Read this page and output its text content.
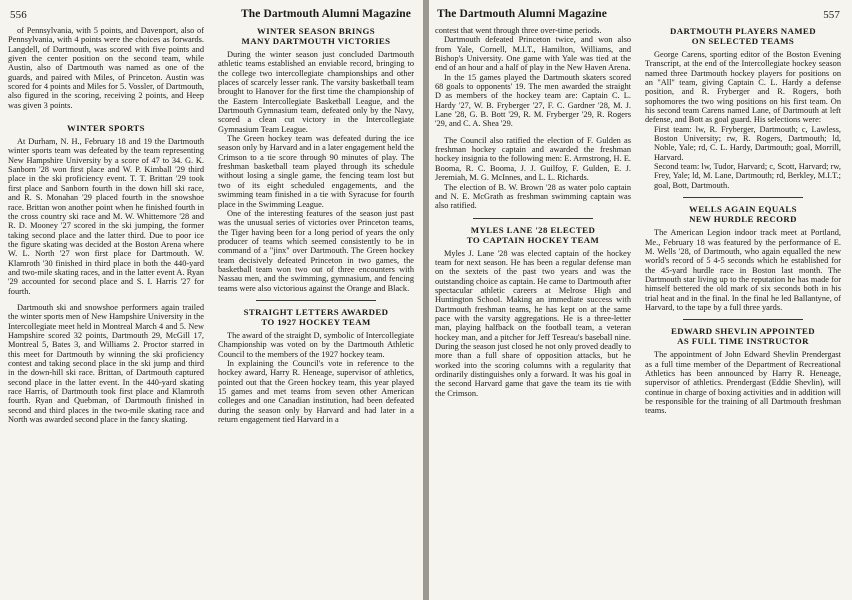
556	The Dartmouth Alumni Magazine

of Pennsylvania, with 5 points, and Davenport, also of Pennsylvania, with 4 points were the choices as forwards. Langdell, of Dartmouth, was scored with five points and given the center position on the second team, while Austin, also of Dartmouth was named as one of the guards, and paired with Miles, of Princeton. Austin was scored for 4 points and Miles for 5. Vossler, of Dartmouth, also figured in the scoring, receiving 2 points, and Heep was given 3 points.

WINTER SPORTS

At Durham, N. H., February 18 and 19 the Dartmouth winter sports team was defeated by the team representing New Hampshire University by a score of 47 to 34. G. K. Sanborn '28 won first place and W. P. Kimball '29 third place in the ski proficiency event. T. T. Brittan '29 took first place and Sanborn fourth in the down hill ski race, and R. S. Monahan '29 placed fourth in the snowshoe race. Brittan won another point when he finished fourth in the cross country ski race and M. W. Whittemore '28 and R. D. Mooney '27 scored in the ski jumping, the former taking second place and the latter third. Due to poor ice the figure skating was decided at the Boston Arena where W. L. North '27 won first place for Dartmouth. W. Klamroth '30 finished in third place in both the 440-yard and two-mile skating races, and in the latter event A. Ryan '29 accounted for second place and S. I. Harris '27 for fourth.

Dartmouth ski and snowshoe performers again trailed the winter sports men of New Hampshire University in the Intercollegiate meet held in Montreal March 4 and 5. New Hampshire scored 32 points, Dartmouth 29, McGill 17, Montreal 5, Bates 3, and Williams 2. Proctor starred in this meet for Dartmouth by winning the ski proficiency contest and taking second place in the ski jump and third in the down-hill ski race. Brittan, of Dartmouth captured second place in the latter event. In the 440-yard skating race Harris, of Dartmouth took first place and Klamroth fourth. Ryan and Quebman, of Dartmouth finished in second and third places in the two-mile skating race and North was awarded second place in the fancy skating.

WINTER SEASON BRINGS
MANY DARTMOUTH VICTORIES

During the winter season just concluded Dartmouth athletic teams established an enviable record, bringing to the college two intercollegiate championships and other places of scarcely lesser rank. The varsity basketball team brought to Hanover for the first time the championship of the Eastern Intercollegiate Basketball League, and the Dartmouth Gymnasium team, defeated only by the Navy, scored a clean cut victory in the Intercollegiate Gymnasium Team League.

The Green hockey team was defeated during the ice season only by Harvard and in a later engagement held the Crimson to a tie score through 90 minutes of play. The freshman basketball team played through its schedule without losing a single game, the fencing team lost but two of its eight scheduled engagements, and the swimming team finished in a tie with Syracuse for fourth place in the Swimming League.

One of the interesting features of the season just past was the unusual series of victories over Princeton teams, the Tiger having been for a long period of years the only producer of teams which seemed consistently to be in command of a "jinx" over Dartmouth. The Green hockey team decisively defeated Princeton in two games, the basketball team won two out of three encounters with Nassau men, and the swimming, gymnasium, and fencing teams were also victorious against the Orange and Black.

STRAIGHT LETTERS AWARDED
TO 1927 HOCKEY TEAM

The award of the straight D, symbolic of Intercollegiate Championship was voted on by the Dartmouth Athletic Council to the members of the 1927 hockey team.

In explaining the Council's vote in reference to the hockey award, Harry R. Heneage, supervisor of athletics, pointed out that the Green hockey team, this year played 15 games and met teams from seven other American colleges and one Canadian institution, had been defeated during the season only by Harvard and had later in a return engagement tied Harvard in a

The Dartmouth Alumni Magazine	557

contest that went through three over-time periods.

Dartmouth defeated Princeton twice, and won also from Yale, Cornell, M.I.T., Hamilton, Williams, and Bishop's University. One game with Yale was tied at the end of an hour and a half of play in the New Haven Arena.

In the 15 games played the Dartmouth skaters scored 68 goals to opponents' 19. The men awarded the straight D as members of the hockey team are: Captain C. L. Hardy '27, W. B. Fryberger '27, F. C. Gardner '28, M. J. Lane '28, G. B. Bott '29, R. M. Fryberger '29, R. Rogers '29, and C. A. Shea '29.

The Council also ratified the election of F. Gulden as freshman hockey captain and awarded the freshman hockey insignia to the following men: E. Armstrong, H. E. Booma, R. C. Booma, J. J. Guilfoy, F. Gulden, E. J. Jeremiah, M. G. McInnes, and L. L. Richards.

The election of B. W. Brown '28 as water polo captain and N. E. McGrath as freshman swimming captain was also ratified.

MYLES LANE '28 ELECTED
TO CAPTAIN HOCKEY TEAM

Myles J. Lane '28 was elected captain of the hockey team for next season. He has been a regular defense man on the sextets of the past two years and was the outstanding choice as captain. He came to Dartmouth after spectacular athletic careers at Melrose High and Huntington School. Making an immediate success with Dartmouth freshman teams, he has kept on at the same pace with the varsity aggregations. He is a three-letter man, playing halfback on the football team, a veteran hockey man, and a pitcher for Jeff Tesreau's baseball nine. During the season just closed he not only proved deadly to more than a full share of opposition attacks, but he worked into the scoring columns with a regularity that ordinarily distinguishes only a forward. It was his goal in the second Harvard game that gave the team its tie with the Crimson.

DARTMOUTH PLAYERS NAMED
ON SELECTED TEAMS

George Carens, sporting editor of the Boston Evening Transcript, at the end of the Intercollegiate hockey season named three Dartmouth hockey players for positions on an "All" team, giving Captain C. L. Hardy a defense position, and R. Fryberger and R. Rogers, both sophomores the two wing positions on his first team. On his second team Carens named Lane, of Dartmouth at left defense, and Bott as goal guard. His selections were:

First team: lw, R. Fryberger, Dartmouth; c, Lawless, Boston University; rw, R. Rogers, Dartmouth; ld, Noble, Yale; rd, C. L. Hardy, Dartmouth; goal, Morrill, Harvard.

Second team: lw, Tudor, Harvard; c, Scott, Harvard; rw, Frey, Yale; ld, M. Lane, Dartmouth; rd, Berkley, M.I.T.; goal, Bott, Dartmouth.

WELLS AGAIN EQUALS
NEW HURDLE RECORD

The American Legion indoor track meet at Portland, Me., February 18 was featured by the performance of E. M. Wells '28, of Dartmouth, who again equalled the new world's record of 5 4-5 seconds which he established for the 45-yard hurdle race in Boston last month. The Dartmouth star living up to the reputation he has made for himself bettered the old mark of six seconds both in his trial heat and in the final. In the final he led Ballantyne, of Harvard, to the tape by a full three yards.

EDWARD SHEVLIN APPOINTED
AS FULL TIME INSTRUCTOR

The appointment of John Edward Shevlin Prendergast as a full time member of the Department of Recreational Athletics has been announced by Harry R. Heneage, supervisor of athletics. Prendergast (Eddie Shevlin), will continue in charge of boxing activities and in addition will be responsible for the training of all Dartmouth freshman teams.
